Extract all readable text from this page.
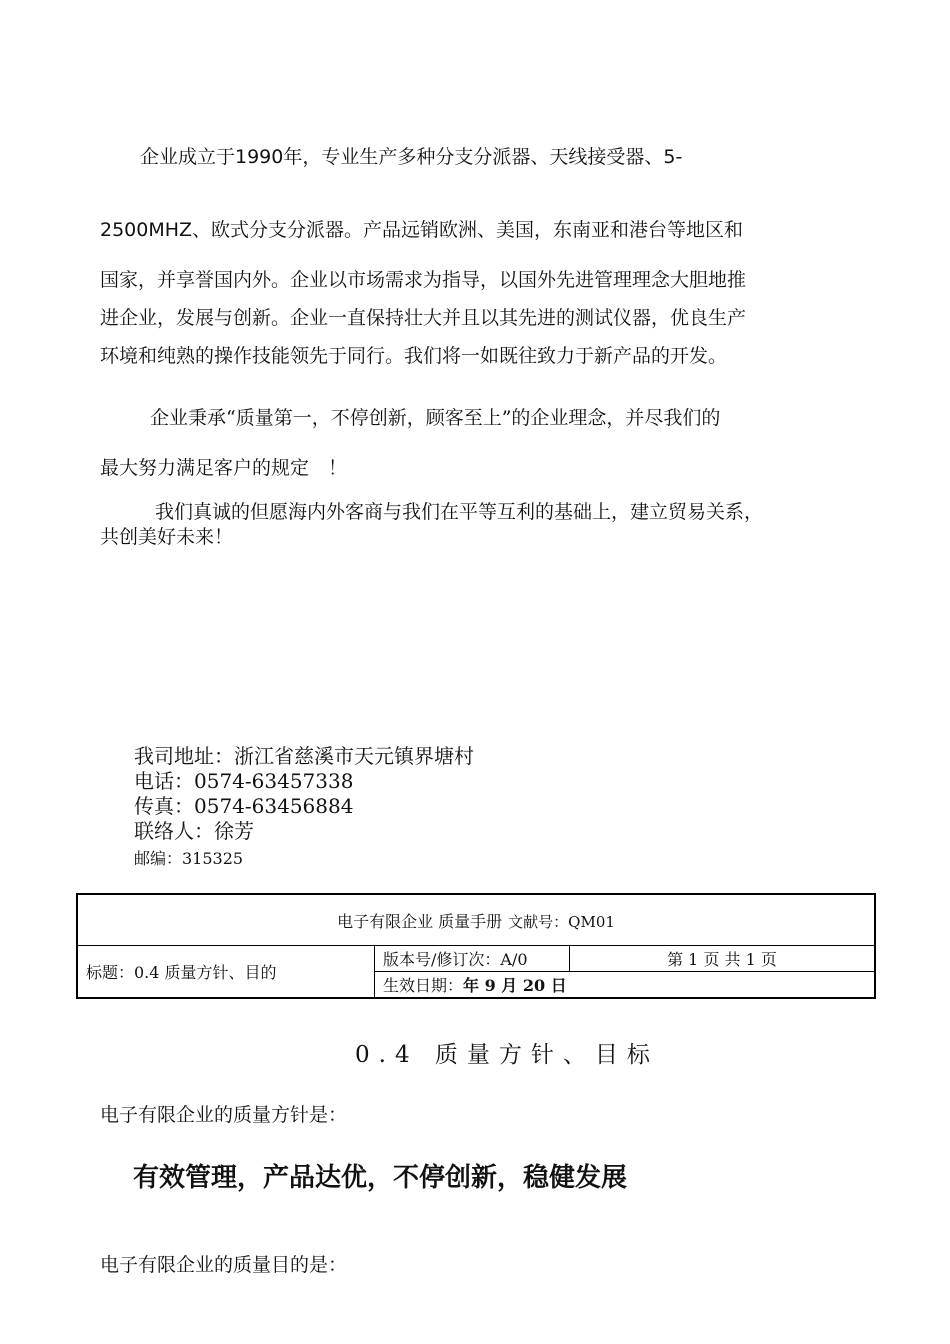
企业成立于1990年，专业生产多种分支分派器、天线接受器、5-
2500MHZ、欧式分支分派器。产品远销欧洲、美国，东南亚和港台等地区和
国家，并享誉国内外。企业以市场需求为指导，以国外先进管理理念大胆地推
进企业，发展与创新。企业一直保持壮大并且以其先进的测试仪器，优良生产
环境和纯熟的操作技能领先于同行。我们将一如既往致力于新产品的开发。
企业秉承“质量第一，不停创新，顾客至上”的企业理念，并尽我们的
最大努力满足客户的规定　！
我们真诚的但愿海内外客商与我们在平等互利的基础上，建立贸易关系，
共创美好未来！
我司地址：浙江省慈溪市天元镇界塘村
电话：0574-63457338
传真：0574-63456884
联络人：徐芳
邮编：315325
电子有限企业 质量手册 文献号：QM01
标题：0.4 质量方针、目的	版本号/修订次：A/0	第 1 页 共 1 页
生效日期：年 9 月 20 日
0.4 质量方针、目标
电子有限企业的质量方针是：
有效管理，产品达优，不停创新，稳健发展
电子有限企业的质量目的是：
